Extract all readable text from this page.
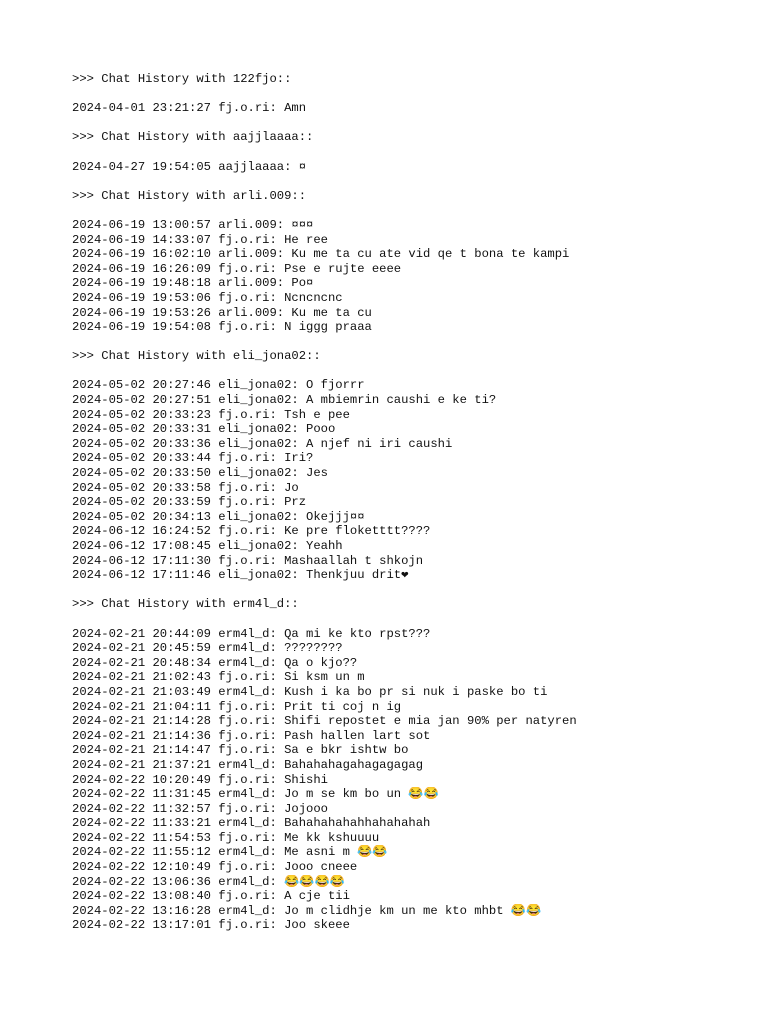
>>> Chat History with 122fjo::
2024-04-01 23:21:27 fj.o.ri: Amn
>>> Chat History with aajjlaaaa::
2024-04-27 19:54:05 aajjlaaaa: ¤
>>> Chat History with arli.009::
2024-06-19 13:00:57 arli.009: ¤¤¤
2024-06-19 14:33:07 fj.o.ri: He ree
2024-06-19 16:02:10 arli.009: Ku me ta cu ate vid qe t bona te kampi
2024-06-19 16:26:09 fj.o.ri: Pse e rujte eeee
2024-06-19 19:48:18 arli.009: Po¤
2024-06-19 19:53:06 fj.o.ri: Ncncncnc
2024-06-19 19:53:26 arli.009: Ku me ta cu
2024-06-19 19:54:08 fj.o.ri: N iggg praaa
>>> Chat History with eli_jona02::
2024-05-02 20:27:46 eli_jona02: O fjorrr
2024-05-02 20:27:51 eli_jona02: A mbiemrin caushi e ke ti?
2024-05-02 20:33:23 fj.o.ri: Tsh e pee
2024-05-02 20:33:31 eli_jona02: Pooo
2024-05-02 20:33:36 eli_jona02: A njef ni iri caushi
2024-05-02 20:33:44 fj.o.ri: Iri?
2024-05-02 20:33:50 eli_jona02: Jes
2024-05-02 20:33:58 fj.o.ri: Jo
2024-05-02 20:33:59 fj.o.ri: Prz
2024-05-02 20:34:13 eli_jona02: Okejjj¤¤
2024-06-12 16:24:52 fj.o.ri: Ke pre floketttt????
2024-06-12 17:08:45 eli_jona02: Yeahh
2024-06-12 17:11:30 fj.o.ri: Mashaallah t shkojn
2024-06-12 17:11:46 eli_jona02: Thenkjuu drit❤
>>> Chat History with erm4l_d::
2024-02-21 20:44:09 erm4l_d: Qa mi ke kto rpst???
2024-02-21 20:45:59 erm4l_d: ????????
2024-02-21 20:48:34 erm4l_d: Qa o kjo??
2024-02-21 21:02:43 fj.o.ri: Si ksm un m
2024-02-21 21:03:49 erm4l_d: Kush i ka bo pr si nuk i paske bo ti
2024-02-21 21:04:11 fj.o.ri: Prit ti coj n ig
2024-02-21 21:14:28 fj.o.ri: Shifi repostet e mia jan 90% per natyren
2024-02-21 21:14:36 fj.o.ri: Pash hallen lart sot
2024-02-21 21:14:47 fj.o.ri: Sa e bkr ishtw bo
2024-02-21 21:37:21 erm4l_d: Bahahahagahagagagag
2024-02-22 10:20:49 fj.o.ri: Shishi
2024-02-22 11:31:45 erm4l_d: Jo m se km bo un 😂😂
2024-02-22 11:32:57 fj.o.ri: Jojooo
2024-02-22 11:33:21 erm4l_d: Bahahahahahhahahahah
2024-02-22 11:54:53 fj.o.ri: Me kk kshuuuu
2024-02-22 11:55:12 erm4l_d: Me asni m 😂😂
2024-02-22 12:10:49 fj.o.ri: Jooo cneee
2024-02-22 13:06:36 erm4l_d: 😂😂😂😂
2024-02-22 13:08:40 fj.o.ri: A cje tii
2024-02-22 13:16:28 erm4l_d: Jo m clidhje km un me kto mhbt 😂😂
2024-02-22 13:17:01 fj.o.ri: Joo skeee
